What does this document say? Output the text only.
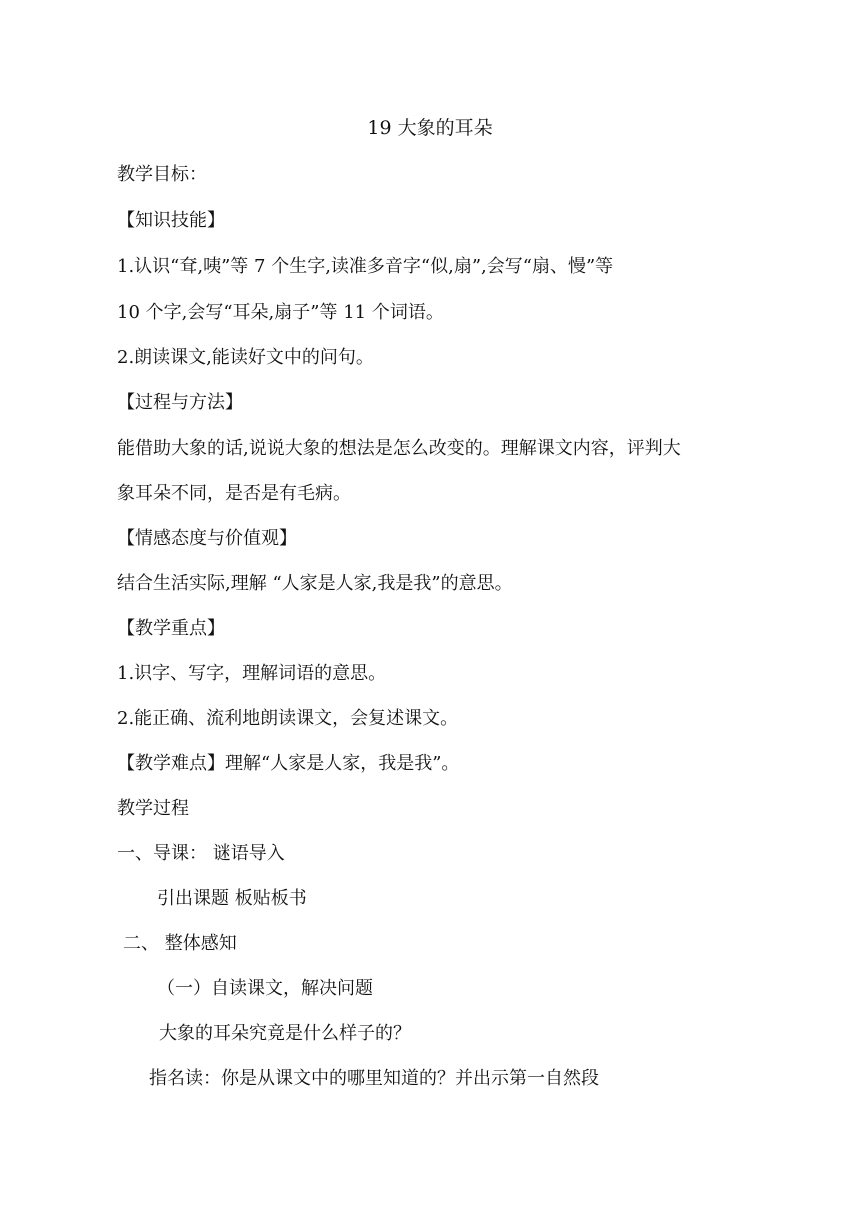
19 大象的耳朵
教学目标：
【知识技能】
1.认识“耷,咦”等 7 个生字,读准多音字“似,扇”,会写“扇、慢”等
10 个字,会写“耳朵,扇子”等 11 个词语。
2.朗读课文,能读好文中的问句。
【过程与方法】
能借助大象的话,说说大象的想法是怎么改变的。理解课文内容，评判大
象耳朵不同，是否是有毛病。
【情感态度与价值观】
结合生活实际,理解 “人家是人家,我是我”的意思。
【教学重点】
1.识字、写字，理解词语的意思。
2.能正确、流利地朗读课文，会复述课文。
【教学难点】理解“人家是人家，我是我”。
教学过程
一、导课： 谜语导入
引出课题 板贴板书
二、 整体感知
（一）自读课文，解决问题
大象的耳朵究竟是什么样子的？
指名读：你是从课文中的哪里知道的？并出示第一自然段
